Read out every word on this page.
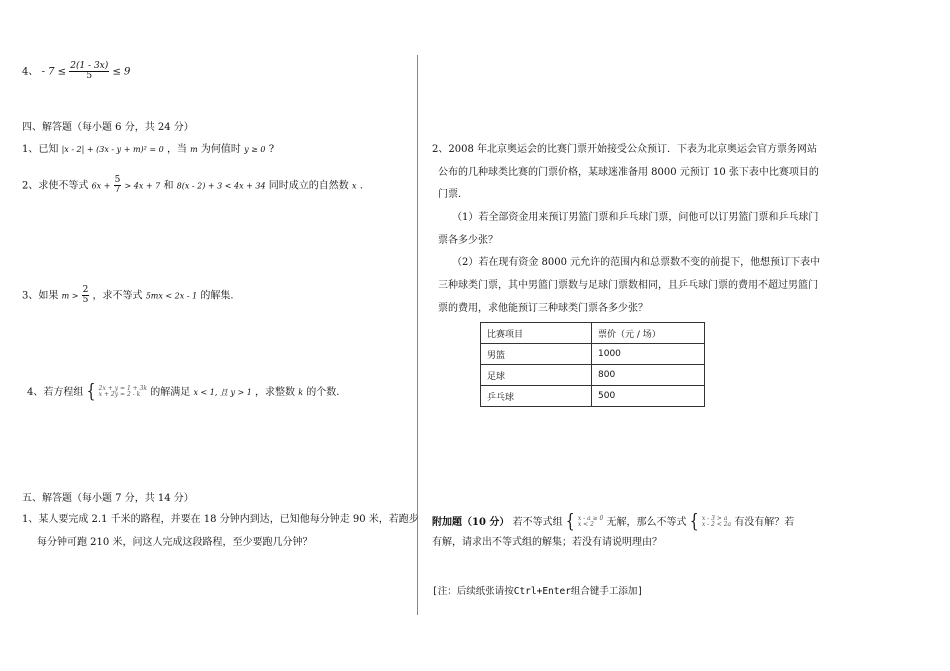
4、 - $7 \le \frac{2(1 - 3x)}{5} \le 9$
四、解答题（每小题 6 分，共 24 分）
1、已知 |x - 2| + (3x - y + m)² = 0 ，当 m 为何值时 y ≥ 0 ?
2、求使不等式 $6x + \frac{5}{7} > 4x + 7$ 和 8(x - 2) + 3 < 4x + 34 同时成立的自然数 x .
3、如果 $m > \frac{2}{5}$ ，求不等式 5mx < 2x - 1 的解集.
4、若方程组 { 2x + y = 1 + 3k
x + 2y = 2 - k	的解满足 x < 1, 且 y > 1 ，求整数 k 的个数.
五、解答题（每小题 7 分，共 14 分）
1、某人要完成 2.1 千米的路程，并要在 18 分钟内到达，已知他每分钟走 90 米，若跑步
每分钟可跑 210 米，问这人完成这段路程，至少要跑几分钟？
2、2008 年北京奥运会的比赛门票开始接受公众预订．下表为北京奥运会官方票务网站
公布的几种球类比赛的门票价格，某球迷准备用 8000 元预订 10 张下表中比赛项目的
门票．
（1）若全部资金用来预订男篮门票和乒乓球门票，问他可以订男篮门票和乒乓球门
票各多少张？
（2）若在现有资金 8000 元允许的范围内和总票数不变的前提下，他想预订下表中
三种球类门票，其中男篮门票数与足球门票数相同，且乒乓球门票的费用不超过男篮门
票的费用，求他能预订三种球类门票各多少张？
比赛项目	票价（元 / 场）
男篮	1000
足球	800
乒乓球	500
附加题（10 分） 若不等式组 { x - a ≥ 0
x < 2	无解，那么不等式 { x - 3 > a
x - 2 < 2a 有没有解？若
有解，请求出不等式组的解集；若没有请说明理由？
[注：后续纸张请按Ctrl+Enter组合键手工添加]
